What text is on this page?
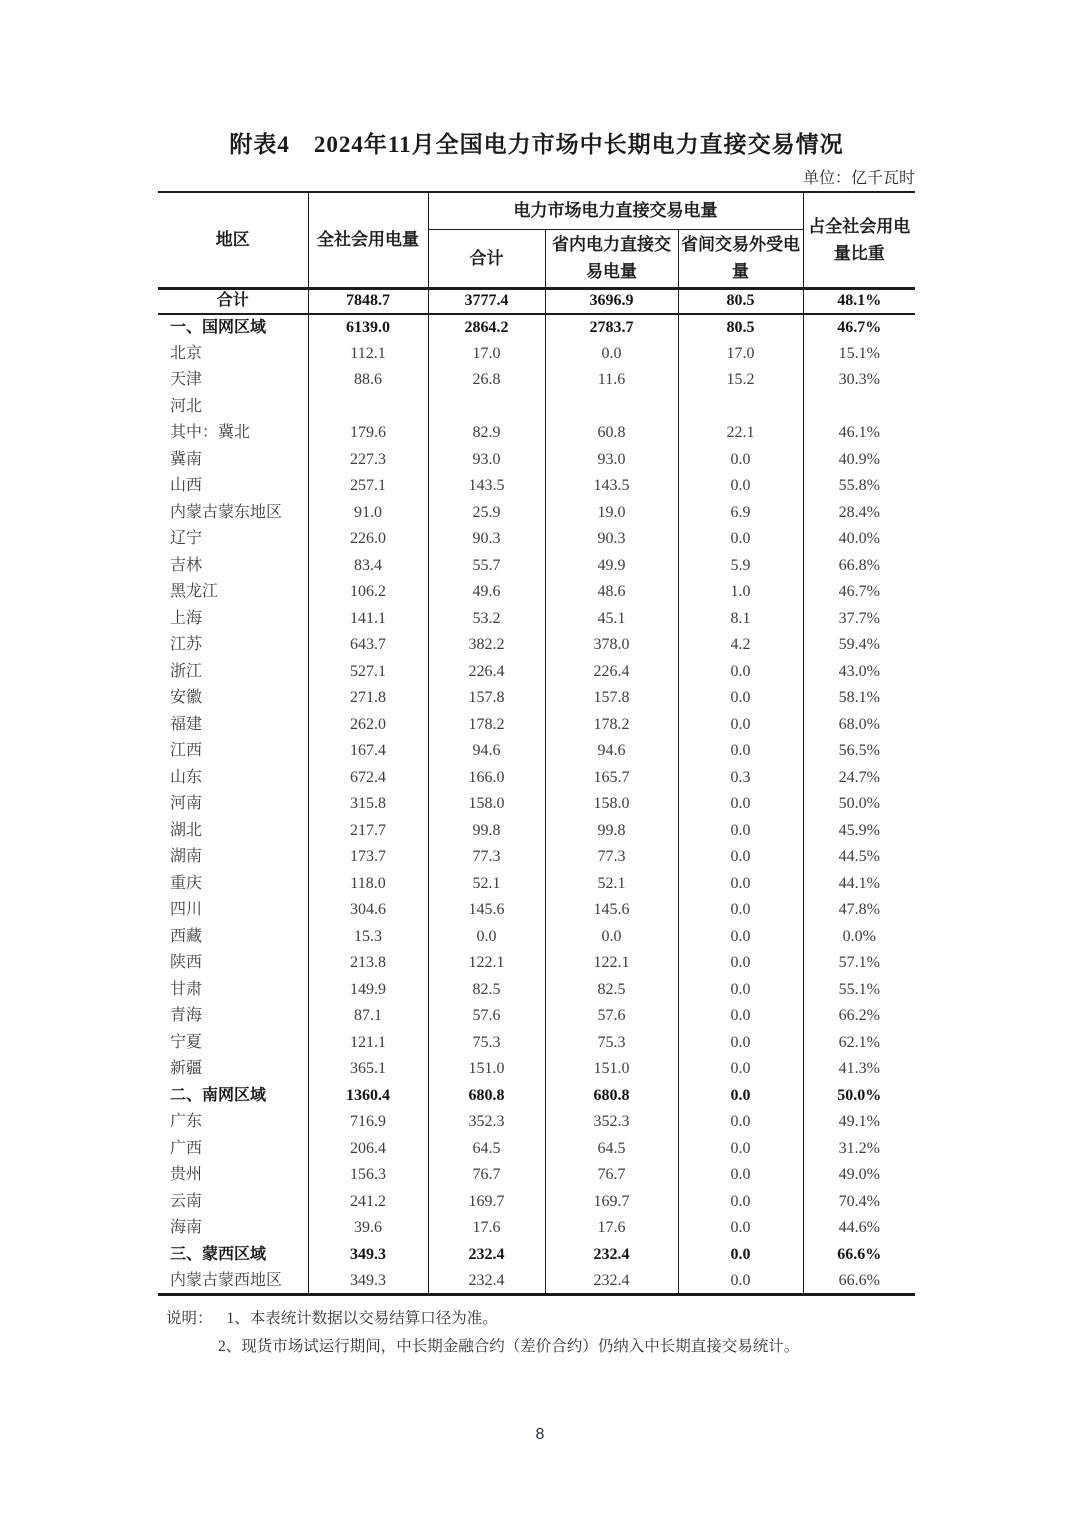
附表4　2024年11月全国电力市场中长期电力直接交易情况
单位：亿千瓦时
地区	全社会用电量	电力市场电力直接交易电量			占全社会用电量比重
		合计	省内电力直接交易电量	省间交易外受电量	
合计	7848.7	3777.4	3696.9	80.5	48.1%
一、国网区域	6139.0	2864.2	2783.7	80.5	46.7%
北京	112.1	17.0	0.0	17.0	15.1%
天津	88.6	26.8	11.6	15.2	30.3%
河北					
其中：冀北	179.6	82.9	60.8	22.1	46.1%
冀南	227.3	93.0	93.0	0.0	40.9%
山西	257.1	143.5	143.5	0.0	55.8%
内蒙古蒙东地区	91.0	25.9	19.0	6.9	28.4%
辽宁	226.0	90.3	90.3	0.0	40.0%
吉林	83.4	55.7	49.9	5.9	66.8%
黑龙江	106.2	49.6	48.6	1.0	46.7%
上海	141.1	53.2	45.1	8.1	37.7%
江苏	643.7	382.2	378.0	4.2	59.4%
浙江	527.1	226.4	226.4	0.0	43.0%
安徽	271.8	157.8	157.8	0.0	58.1%
福建	262.0	178.2	178.2	0.0	68.0%
江西	167.4	94.6	94.6	0.0	56.5%
山东	672.4	166.0	165.7	0.3	24.7%
河南	315.8	158.0	158.0	0.0	50.0%
湖北	217.7	99.8	99.8	0.0	45.9%
湖南	173.7	77.3	77.3	0.0	44.5%
重庆	118.0	52.1	52.1	0.0	44.1%
四川	304.6	145.6	145.6	0.0	47.8%
西藏	15.3	0.0	0.0	0.0	0.0%
陕西	213.8	122.1	122.1	0.0	57.1%
甘肃	149.9	82.5	82.5	0.0	55.1%
青海	87.1	57.6	57.6	0.0	66.2%
宁夏	121.1	75.3	75.3	0.0	62.1%
新疆	365.1	151.0	151.0	0.0	41.3%
二、南网区域	1360.4	680.8	680.8	0.0	50.0%
广东	716.9	352.3	352.3	0.0	49.1%
广西	206.4	64.5	64.5	0.0	31.2%
贵州	156.3	76.7	76.7	0.0	49.0%
云南	241.2	169.7	169.7	0.0	70.4%
海南	39.6	17.6	17.6	0.0	44.6%
三、蒙西区域	349.3	232.4	232.4	0.0	66.6%
内蒙古蒙西地区	349.3	232.4	232.4	0.0	66.6%
说明： 1、本表统计数据以交易结算口径为准。
2、现货市场试运行期间，中长期金融合约（差价合约）仍纳入中长期直接交易统计。
8
